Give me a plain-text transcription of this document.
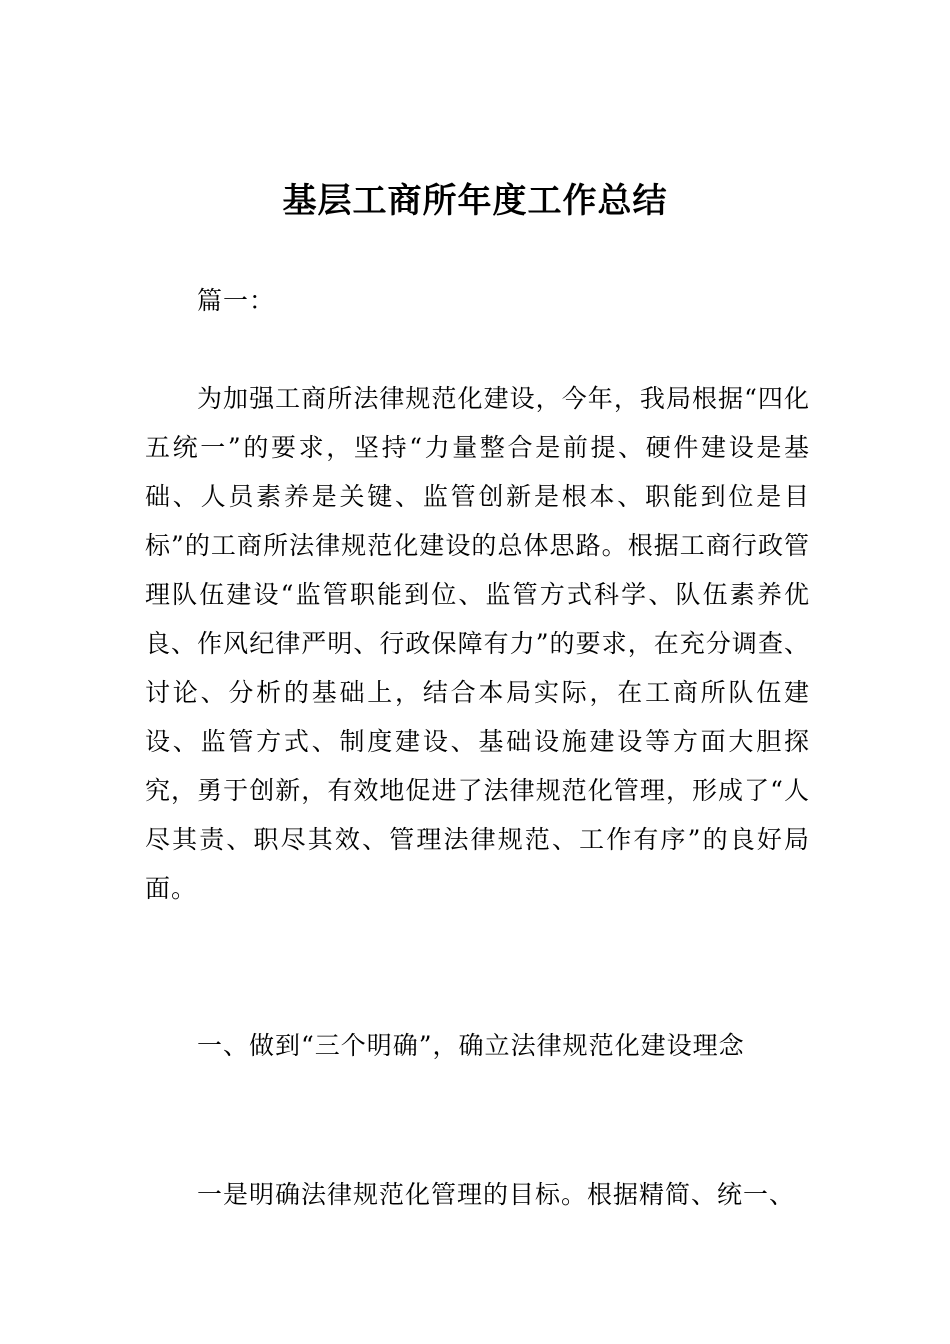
基层工商所年度工作总结

篇一：

为加强工商所法律规范化建设，今年，我局根据“四化五统一”的要求，坚持“力量整合是前提、硬件建设是基础、人员素养是关键、监管创新是根本、职能到位是目标”的工商所法律规范化建设的总体思路。根据工商行政管理队伍建设“监管职能到位、监管方式科学、队伍素养优良、作风纪律严明、行政保障有力”的要求，在充分调查、讨论、分析的基础上，结合本局实际，在工商所队伍建设、监管方式、制度建设、基础设施建设等方面大胆探究，勇于创新，有效地促进了法律规范化管理，形成了“人尽其责、职尽其效、管理法律规范、工作有序”的良好局面。

一、做到“三个明确”，确立法律规范化建设理念

一是明确法律规范化管理的目标。根据精简、统一、
